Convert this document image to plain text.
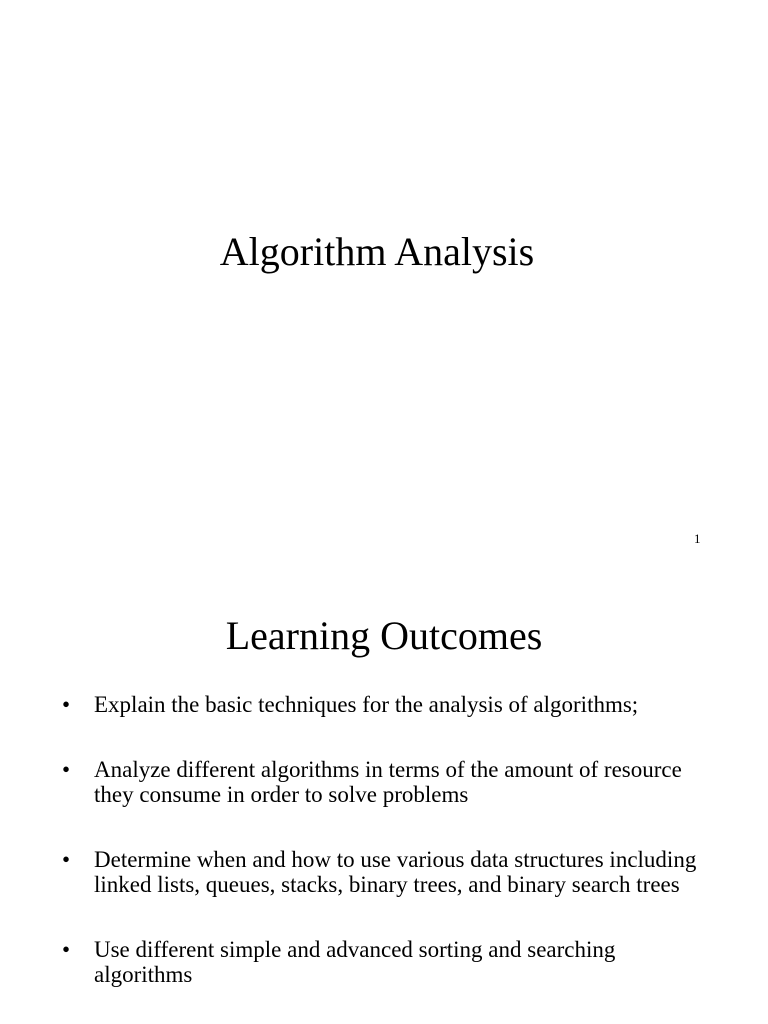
Algorithm Analysis
1
Learning Outcomes
•	Explain the basic techniques for the analysis of algorithms;
•	Analyze different algorithms in terms of the amount of resource they consume in order to solve problems
•	Determine when and how to use various data structures including linked lists, queues, stacks, binary trees, and binary search trees
•	Use different simple and advanced sorting and searching algorithms
